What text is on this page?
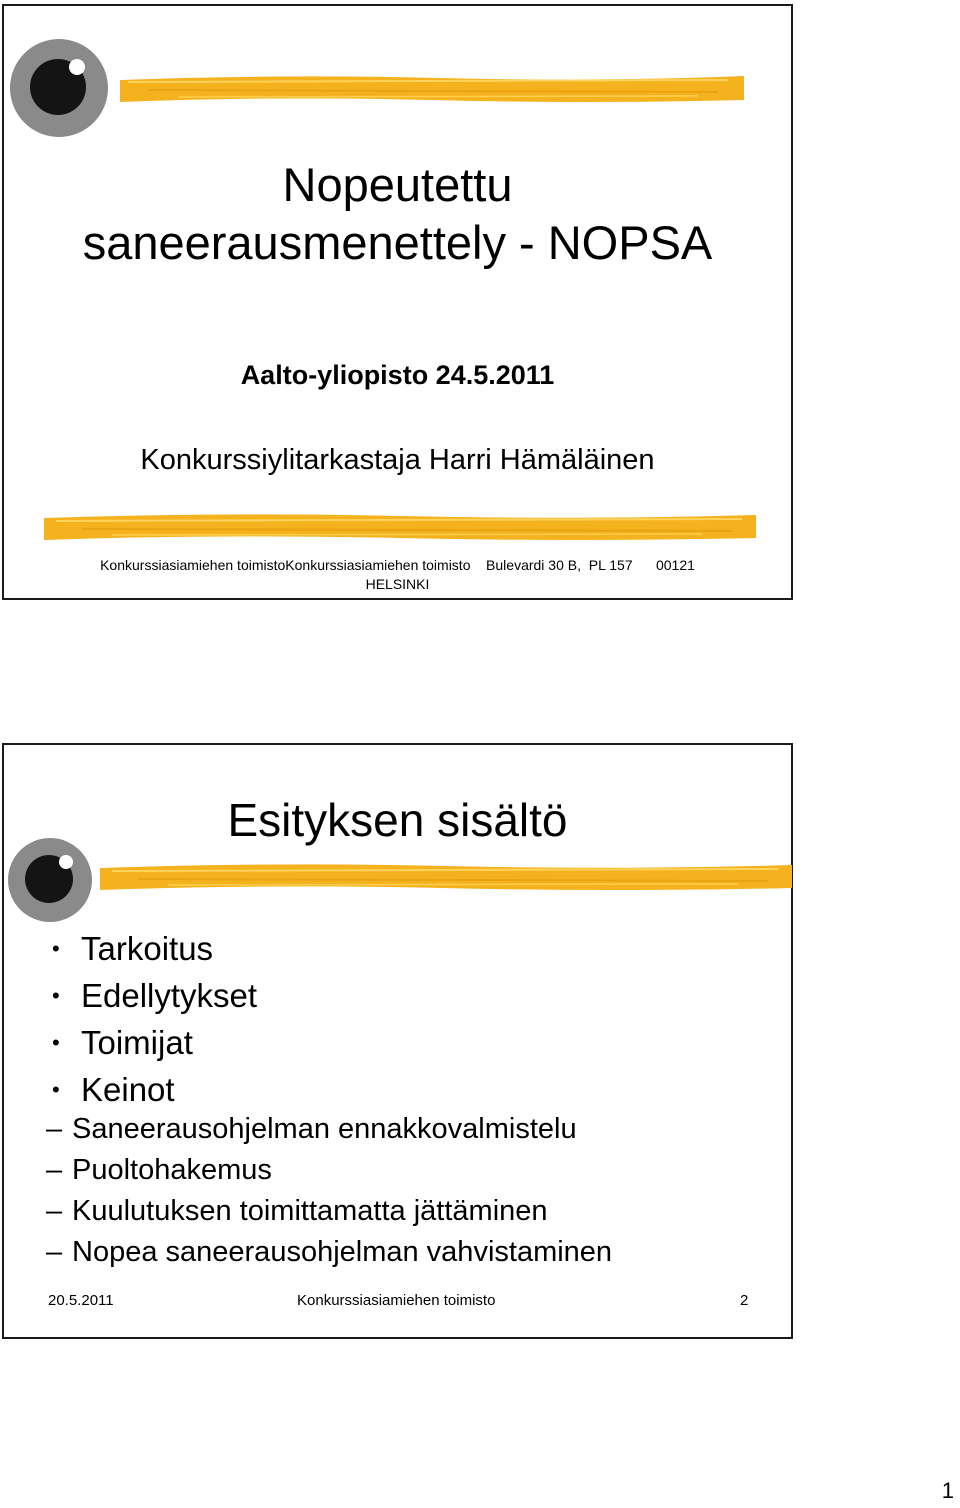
Nopeutettu
saneerausmenettely - NOPSA
Aalto-yliopisto 24.5.2011
Konkurssiylitarkastaja Harri Hämäläinen
Konkurssiasiamiehen toimistoKonkurssiasiamiehen toimisto Bulevardi 30 B,  PL 157 00121
HELSINKI
Esityksen sisältö
• Tarkoitus
• Edellytykset
• Toimijat
• Keinot
– Saneerausohjelman ennakkovalmistelu
– Puoltohakemus
– Kuulutuksen toimittamatta jättäminen
– Nopea saneerausohjelman vahvistaminen
20.5.2011	Konkurssiasiamiehen toimisto	2
1
